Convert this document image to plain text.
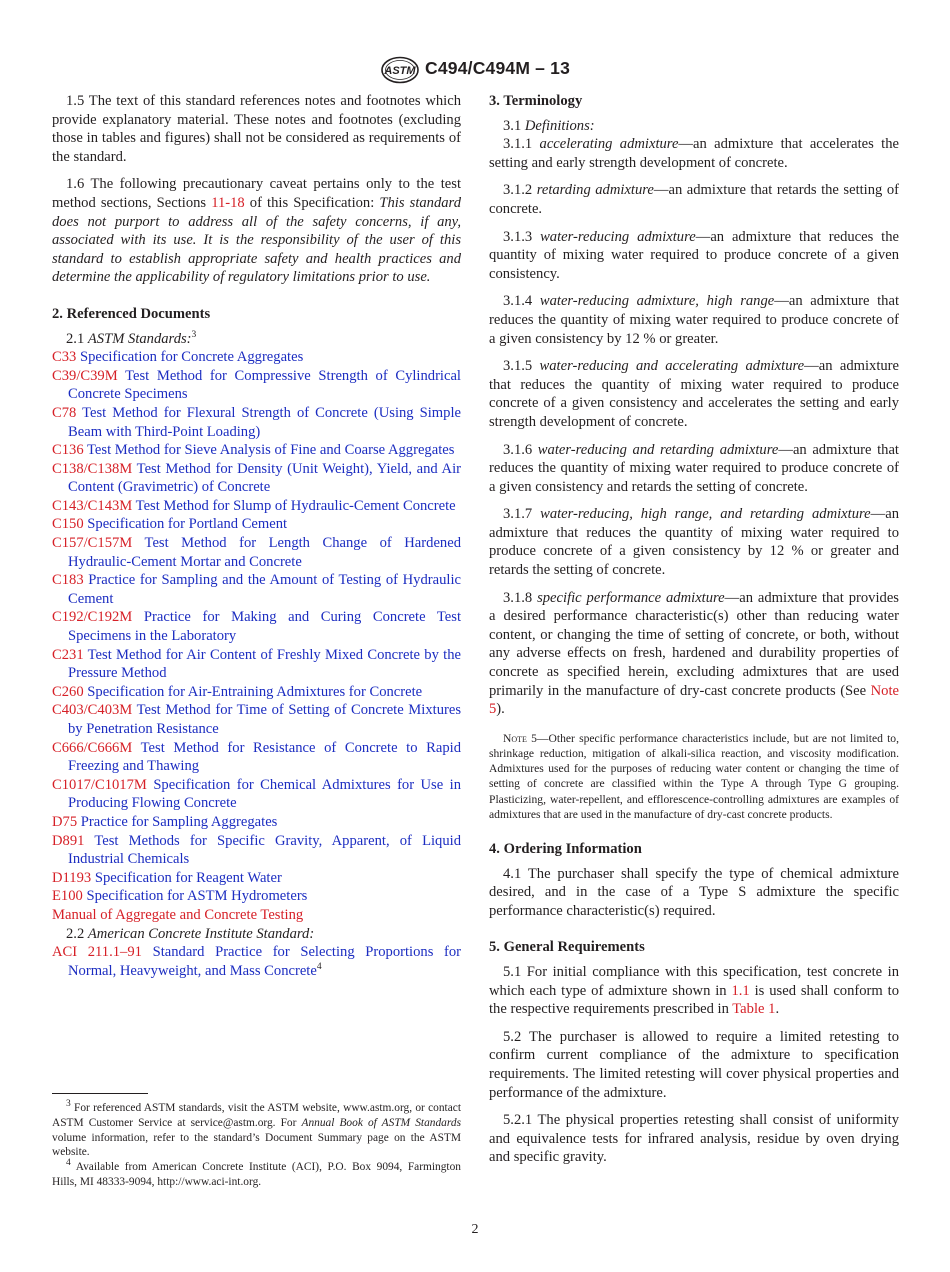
ASTM C494/C494M – 13

1.5 The text of this standard references notes and footnotes which provide explanatory material. These notes and footnotes (excluding those in tables and figures) shall not be considered as requirements of the standard.

1.6 The following precautionary caveat pertains only to the test method sections, Sections 11-18 of this Specification: This standard does not purport to address all of the safety concerns, if any, associated with its use. It is the responsibility of the user of this standard to establish appropriate safety and health practices and determine the applicability of regulatory limitations prior to use.

2. Referenced Documents

2.1 ASTM Standards:$^3$

C33 Specification for Concrete Aggregates
C39/C39M Test Method for Compressive Strength of Cylindrical Concrete Specimens
C78 Test Method for Flexural Strength of Concrete (Using Simple Beam with Third-Point Loading)
C136 Test Method for Sieve Analysis of Fine and Coarse Aggregates
C138/C138M Test Method for Density (Unit Weight), Yield, and Air Content (Gravimetric) of Concrete
C143/C143M Test Method for Slump of Hydraulic-Cement Concrete
C150 Specification for Portland Cement
C157/C157M Test Method for Length Change of Hardened Hydraulic-Cement Mortar and Concrete
C183 Practice for Sampling and the Amount of Testing of Hydraulic Cement
C192/C192M Practice for Making and Curing Concrete Test Specimens in the Laboratory
C231 Test Method for Air Content of Freshly Mixed Concrete by the Pressure Method
C260 Specification for Air-Entraining Admixtures for Concrete
C403/C403M Test Method for Time of Setting of Concrete Mixtures by Penetration Resistance
C666/C666M Test Method for Resistance of Concrete to Rapid Freezing and Thawing
C1017/C1017M Specification for Chemical Admixtures for Use in Producing Flowing Concrete
D75 Practice for Sampling Aggregates
D891 Test Methods for Specific Gravity, Apparent, of Liquid Industrial Chemicals
D1193 Specification for Reagent Water
E100 Specification for ASTM Hydrometers
Manual of Aggregate and Concrete Testing

2.2 American Concrete Institute Standard:

ACI 211.1–91 Standard Practice for Selecting Proportions for Normal, Heavyweight, and Mass Concrete$^4$

$^3$ For referenced ASTM standards, visit the ASTM website, www.astm.org, or contact ASTM Customer Service at service@astm.org. For Annual Book of ASTM Standards volume information, refer to the standard’s Document Summary page on the ASTM website.

$^4$ Available from American Concrete Institute (ACI), P.O. Box 9094, Farmington Hills, MI 48333-9094, http://www.aci-int.org.

3. Terminology

3.1 Definitions:

3.1.1 accelerating admixture—an admixture that accelerates the setting and early strength development of concrete.

3.1.2 retarding admixture—an admixture that retards the setting of concrete.

3.1.3 water-reducing admixture—an admixture that reduces the quantity of mixing water required to produce concrete of a given consistency.

3.1.4 water-reducing admixture, high range—an admixture that reduces the quantity of mixing water required to produce concrete of a given consistency by 12 % or greater.

3.1.5 water-reducing and accelerating admixture—an admixture that reduces the quantity of mixing water required to produce concrete of a given consistency and accelerates the setting and early strength development of concrete.

3.1.6 water-reducing and retarding admixture—an admixture that reduces the quantity of mixing water required to produce concrete of a given consistency and retards the setting of concrete.

3.1.7 water-reducing, high range, and retarding admixture—an admixture that reduces the quantity of mixing water required to produce concrete of a given consistency by 12 % or greater and retards the setting of concrete.

3.1.8 specific performance admixture—an admixture that provides a desired performance characteristic(s) other than reducing water content, or changing the time of setting of concrete, or both, without any adverse effects on fresh, hardened and durability properties of concrete as specified herein, excluding admixtures that are used primarily in the manufacture of dry-cast concrete products (See Note 5).

Note 5—Other specific performance characteristics include, but are not limited to, shrinkage reduction, mitigation of alkali-silica reaction, and viscosity modification. Admixtures used for the purposes of reducing water content or changing the time of setting of concrete are classified within the Type A through Type G grouping. Plasticizing, water-repellent, and efflorescence-controlling admixtures are examples of admixtures that are used in the manufacture of dry-cast concrete products.

4. Ordering Information

4.1 The purchaser shall specify the type of chemical admixture desired, and in the case of a Type S admixture the specific performance characteristic(s) required.

5. General Requirements

5.1 For initial compliance with this specification, test concrete in which each type of admixture shown in 1.1 is used shall conform to the respective requirements prescribed in Table 1.

5.2 The purchaser is allowed to require a limited retesting to confirm current compliance of the admixture to specification requirements. The limited retesting will cover physical properties and performance of the admixture.

5.2.1 The physical properties retesting shall consist of uniformity and equivalence tests for infrared analysis, residue by oven drying and specific gravity.

2
